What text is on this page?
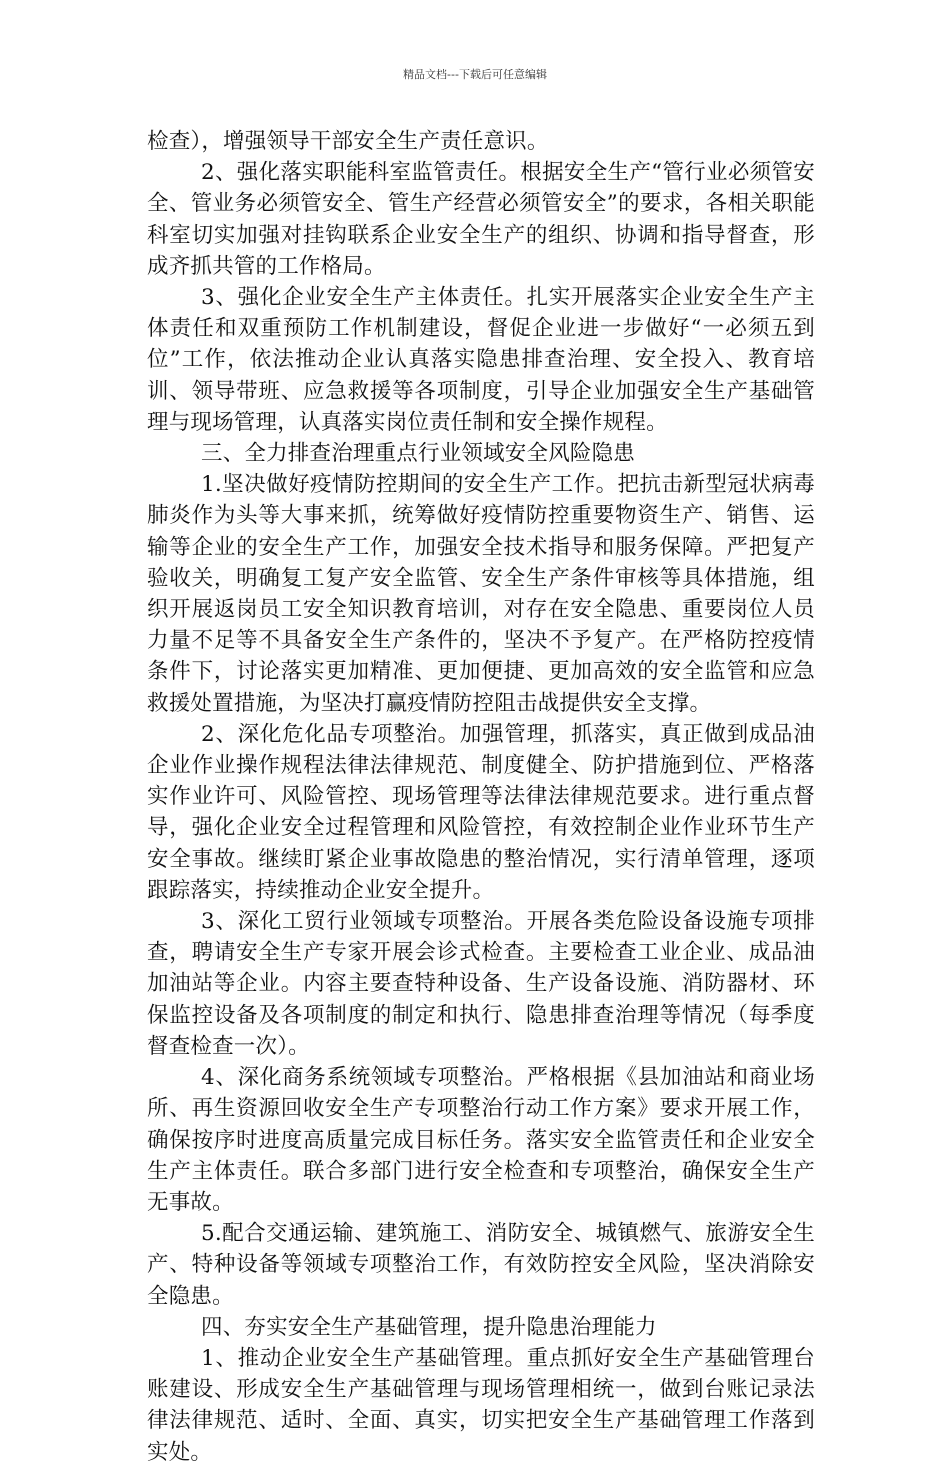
精品文档---下载后可任意编辑

检查），增强领导干部安全生产责任意识。

2、强化落实职能科室监管责任。根据安全生产“管行业必须管安全、管业务必须管安全、管生产经营必须管安全”的要求，各相关职能科室切实加强对挂钩联系企业安全生产的组织、协调和指导督查，形成齐抓共管的工作格局。

3、强化企业安全生产主体责任。扎实开展落实企业安全生产主体责任和双重预防工作机制建设，督促企业进一步做好“一必须五到位”工作，依法推动企业认真落实隐患排查治理、安全投入、教育培训、领导带班、应急救援等各项制度，引导企业加强安全生产基础管理与现场管理，认真落实岗位责任制和安全操作规程。

三、全力排查治理重点行业领域安全风险隐患

1.坚决做好疫情防控期间的安全生产工作。把抗击新型冠状病毒肺炎作为头等大事来抓，统筹做好疫情防控重要物资生产、销售、运输等企业的安全生产工作，加强安全技术指导和服务保障。严把复产验收关，明确复工复产安全监管、安全生产条件审核等具体措施，组织开展返岗员工安全知识教育培训，对存在安全隐患、重要岗位人员力量不足等不具备安全生产条件的，坚决不予复产。在严格防控疫情条件下，讨论落实更加精准、更加便捷、更加高效的安全监管和应急救援处置措施，为坚决打赢疫情防控阻击战提供安全支撑。

2、深化危化品专项整治。加强管理，抓落实，真正做到成品油企业作业操作规程法律法律规范、制度健全、防护措施到位、严格落实作业许可、风险管控、现场管理等法律法律规范要求。进行重点督导，强化企业安全过程管理和风险管控，有效控制企业作业环节生产安全事故。继续盯紧企业事故隐患的整治情况，实行清单管理，逐项跟踪落实，持续推动企业安全提升。

3、深化工贸行业领域专项整治。开展各类危险设备设施专项排查，聘请安全生产专家开展会诊式检查。主要检查工业企业、成品油加油站等企业。内容主要查特种设备、生产设备设施、消防器材、环保监控设备及各项制度的制定和执行、隐患排查治理等情况（每季度督查检查一次）。

4、深化商务系统领域专项整治。严格根据《县加油站和商业场所、再生资源回收安全生产专项整治行动工作方案》要求开展工作，确保按序时进度高质量完成目标任务。落实安全监管责任和企业安全生产主体责任。联合多部门进行安全检查和专项整治，确保安全生产无事故。

5.配合交通运输、建筑施工、消防安全、城镇燃气、旅游安全生产、特种设备等领域专项整治工作，有效防控安全风险，坚决消除安全隐患。

四、夯实安全生产基础管理，提升隐患治理能力

1、推动企业安全生产基础管理。重点抓好安全生产基础管理台账建设、形成安全生产基础管理与现场管理相统一，做到台账记录法律法律规范、适时、全面、真实，切实把安全生产基础管理工作落到实处。
